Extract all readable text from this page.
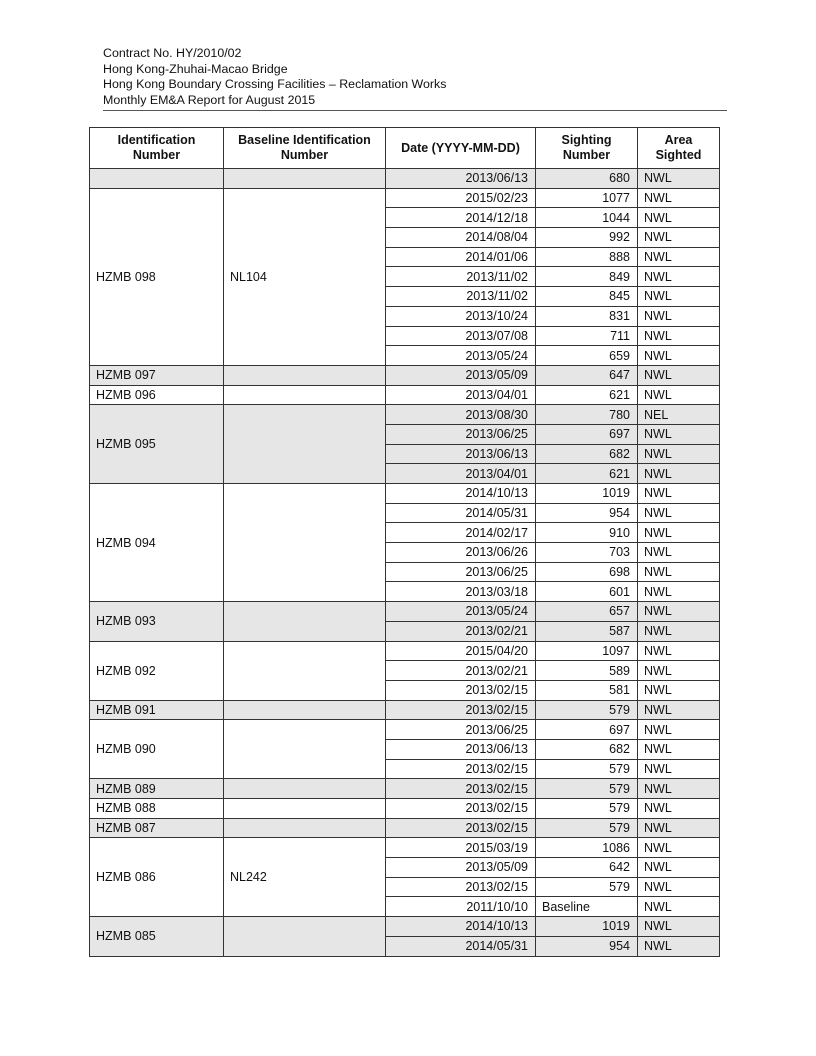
Contract No. HY/2010/02
Hong Kong-Zhuhai-Macao Bridge
Hong Kong Boundary Crossing Facilities – Reclamation Works
Monthly EM&A Report for August 2015
Identification Number	Baseline Identification Number	Date (YYYY-MM-DD)	Sighting Number	Area Sighted
		2013/06/13	680	NWL
HZMB 098	NL104	2015/02/23	1077	NWL
		2014/12/18	1044	NWL
		2014/08/04	992	NWL
		2014/01/06	888	NWL
		2013/11/02	849	NWL
		2013/11/02	845	NWL
		2013/10/24	831	NWL
		2013/07/08	711	NWL
		2013/05/24	659	NWL
HZMB 097		2013/05/09	647	NWL
HZMB 096		2013/04/01	621	NWL
HZMB 095		2013/08/30	780	NEL
		2013/06/25	697	NWL
		2013/06/13	682	NWL
		2013/04/01	621	NWL
HZMB 094		2014/10/13	1019	NWL
		2014/05/31	954	NWL
		2014/02/17	910	NWL
		2013/06/26	703	NWL
		2013/06/25	698	NWL
		2013/03/18	601	NWL
HZMB 093		2013/05/24	657	NWL
		2013/02/21	587	NWL
HZMB 092		2015/04/20	1097	NWL
		2013/02/21	589	NWL
		2013/02/15	581	NWL
HZMB 091		2013/02/15	579	NWL
HZMB 090		2013/06/25	697	NWL
		2013/06/13	682	NWL
		2013/02/15	579	NWL
HZMB 089		2013/02/15	579	NWL
HZMB 088		2013/02/15	579	NWL
HZMB 087		2013/02/15	579	NWL
HZMB 086	NL242	2015/03/19	1086	NWL
		2013/05/09	642	NWL
		2013/02/15	579	NWL
		2011/10/10	Baseline	NWL
HZMB 085		2014/10/13	1019	NWL
		2014/05/31	954	NWL
